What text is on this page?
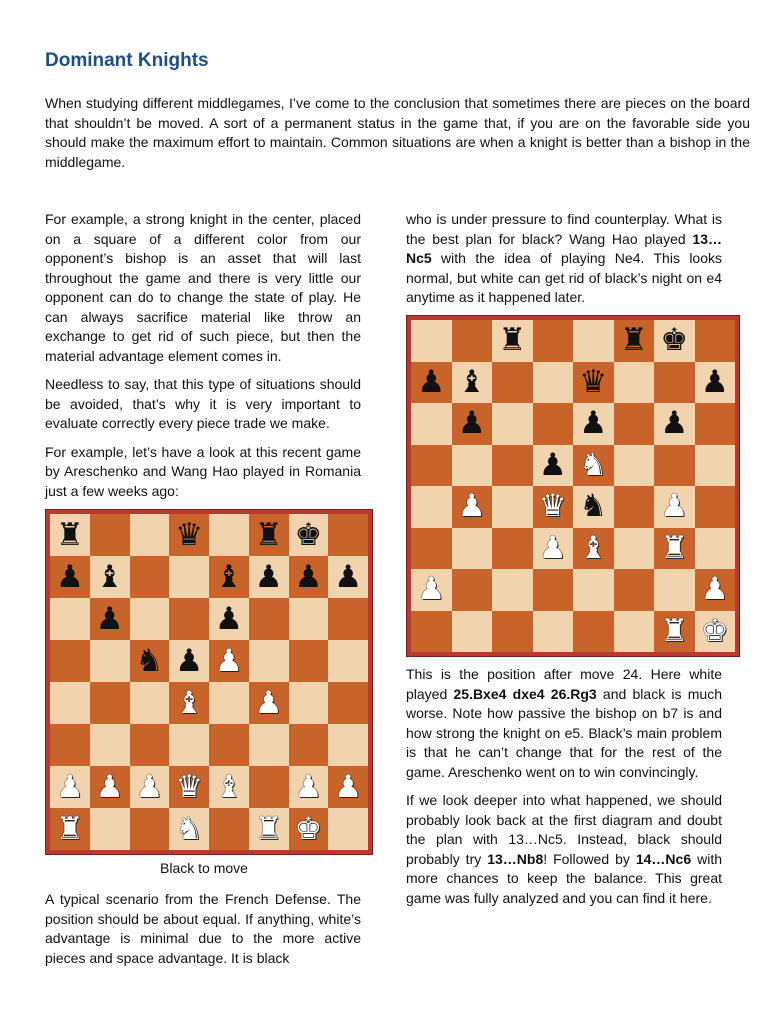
Dominant Knights

When studying different middlegames, I’ve come to the conclusion that sometimes there are pieces on the board that shouldn’t be moved. A sort of a permanent status in the game that, if you are on the favorable side you should make the maximum effort to maintain. Common situations are when a knight is better than a bishop in the middlegame.

For example, a strong knight in the center, placed on a square of a different color from our opponent’s bishop is an asset that will last throughout the game and there is very little our opponent can do to change the state of play. He can always sacrifice material like throw an exchange to get rid of such piece, but then the material advantage element comes in.

Needless to say, that this type of situations should be avoided, that’s why it is very important to evaluate correctly every piece trade we make.

For example, let’s have a look at this recent game by Areschenko and Wang Hao played in Romania just a few weeks ago:

♜	♛ ♜ ♚
♟ ♝	♝ ♟ ♟ ♟
♟	♟
♞ ♟ ♟
♝ ♟
♟ ♟ ♟ ♛ ♝ ♟ ♟
♜	♞ ♜ ♚
Black to move

A typical scenario from the French Defense. The position should be about equal. If anything, white’s advantage is minimal due to the more active pieces and space advantage. It is black

who is under pressure to find counterplay. What is the best plan for black? Wang Hao played 13…Nc5 with the idea of playing Ne4. This looks normal, but white can get rid of black’s night on e4 anytime as it happened later.

♜	♜ ♚
♟ ♝	♛	♟
♟	♟ ♟
♟ ♞
♟ ♛ ♞ ♟
♟ ♝ ♜
♟	♟
♜ ♚

This is the position after move 24. Here white played 25.Bxe4 dxe4 26.Rg3 and black is much worse. Note how passive the bishop on b7 is and how strong the knight on e5. Black’s main problem is that he can’t change that for the rest of the game. Areschenko went on to win convincingly.

If we look deeper into what happened, we should probably look back at the first diagram and doubt the plan with 13…Nc5. Instead, black should probably try 13…Nb8! Followed by 14…Nc6 with more chances to keep the balance. This great game was fully analyzed and you can find it here.
